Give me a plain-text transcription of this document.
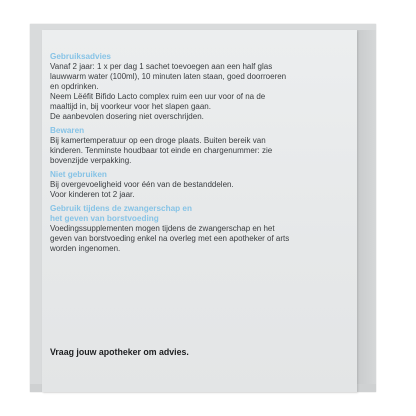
Gebruiksadvies

Vanaf 2 jaar: 1 x per dag 1 sachet toevoegen aan een half glas
lauwwarm water (100ml), 10 minuten laten staan, goed doorroeren
en opdrinken.

Neem Lëéfit Bifido Lacto complex ruim een uur voor of na de
maaltijd in, bij voorkeur voor het slapen gaan.

De aanbevolen dosering niet overschrijden.

Bewaren

Bij kamertemperatuur op een droge plaats. Buiten bereik van
kinderen. Tenminste houdbaar tot einde en chargenummer: zie
bovenzijde verpakking.

Niet gebruiken

Bij overgevoeligheid voor één van de bestanddelen.

Voor kinderen tot 2 jaar.

Gebruik tijdens de zwangerschap en
het geven van borstvoeding

Voedingssupplementen mogen tijdens de zwangerschap en het
geven van borstvoeding enkel na overleg met een apotheker of arts
worden ingenomen.

Vraag jouw apotheker om advies.
